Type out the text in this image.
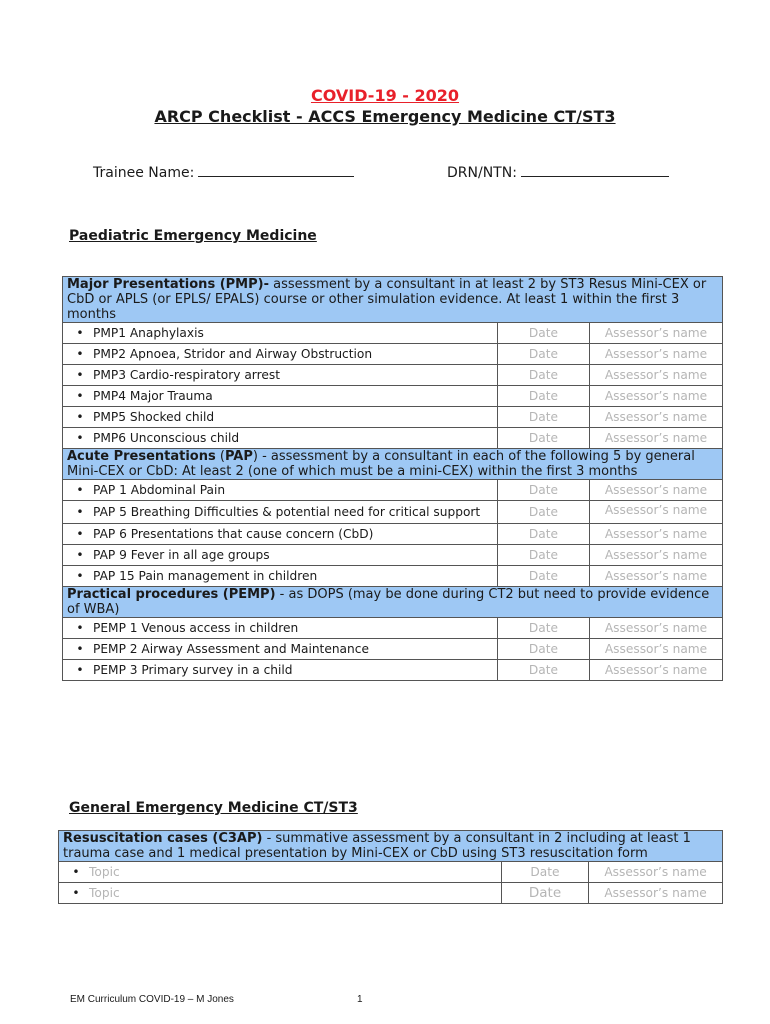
COVID-19 - 2020
ARCP Checklist - ACCS Emergency Medicine CT/ST3
Trainee Name:	DRN/NTN:
Paediatric Emergency Medicine
Major Presentations (PMP)- assessment by a consultant in at least 2 by ST3 Resus Mini-CEX or CbD or APLS (or EPLS/ EPALS) course or other simulation evidence. At least 1 within the first 3 months		
• PMP1 Anaphylaxis	Date	Assessor’s name
• PMP2 Apnoea, Stridor and Airway Obstruction	Date	Assessor’s name
• PMP3 Cardio-respiratory arrest	Date	Assessor’s name
• PMP4 Major Trauma	Date	Assessor’s name
• PMP5 Shocked child	Date	Assessor’s name
• PMP6 Unconscious child	Date	Assessor’s name
Acute Presentations (PAP) - assessment by a consultant in each of the following 5 by general Mini-CEX or CbD: At least 2 (one of which must be a mini-CEX) within the first 3 months		
• PAP 1 Abdominal Pain	Date	Assessor’s name

• PAP 5 Breathing Difficulties & potential need for critical support	Date	Assessor’s name
• PAP 6 Presentations that cause concern (CbD)	Date	Assessor’s name
• PAP 9 Fever in all age groups	Date	Assessor’s name
• PAP 15 Pain management in children	Date	Assessor’s name
Practical procedures (PEMP) - as DOPS (may be done during CT2 but need to provide evidence of WBA)		
• PEMP 1 Venous access in children	Date	Assessor’s name
• PEMP 2 Airway Assessment and Maintenance	Date	Assessor’s name
• PEMP 3 Primary survey in a child	Date	Assessor’s name
General Emergency Medicine CT/ST3
Resuscitation cases (C3AP) - summative assessment by a consultant in 2 including at least 1 trauma case and 1 medical presentation by Mini-CEX or CbD using ST3 resuscitation form		
• Topic	Date	Assessor’s name
• Topic	Date	Assessor’s name
EM Curriculum COVID-19 – M Jones	1
